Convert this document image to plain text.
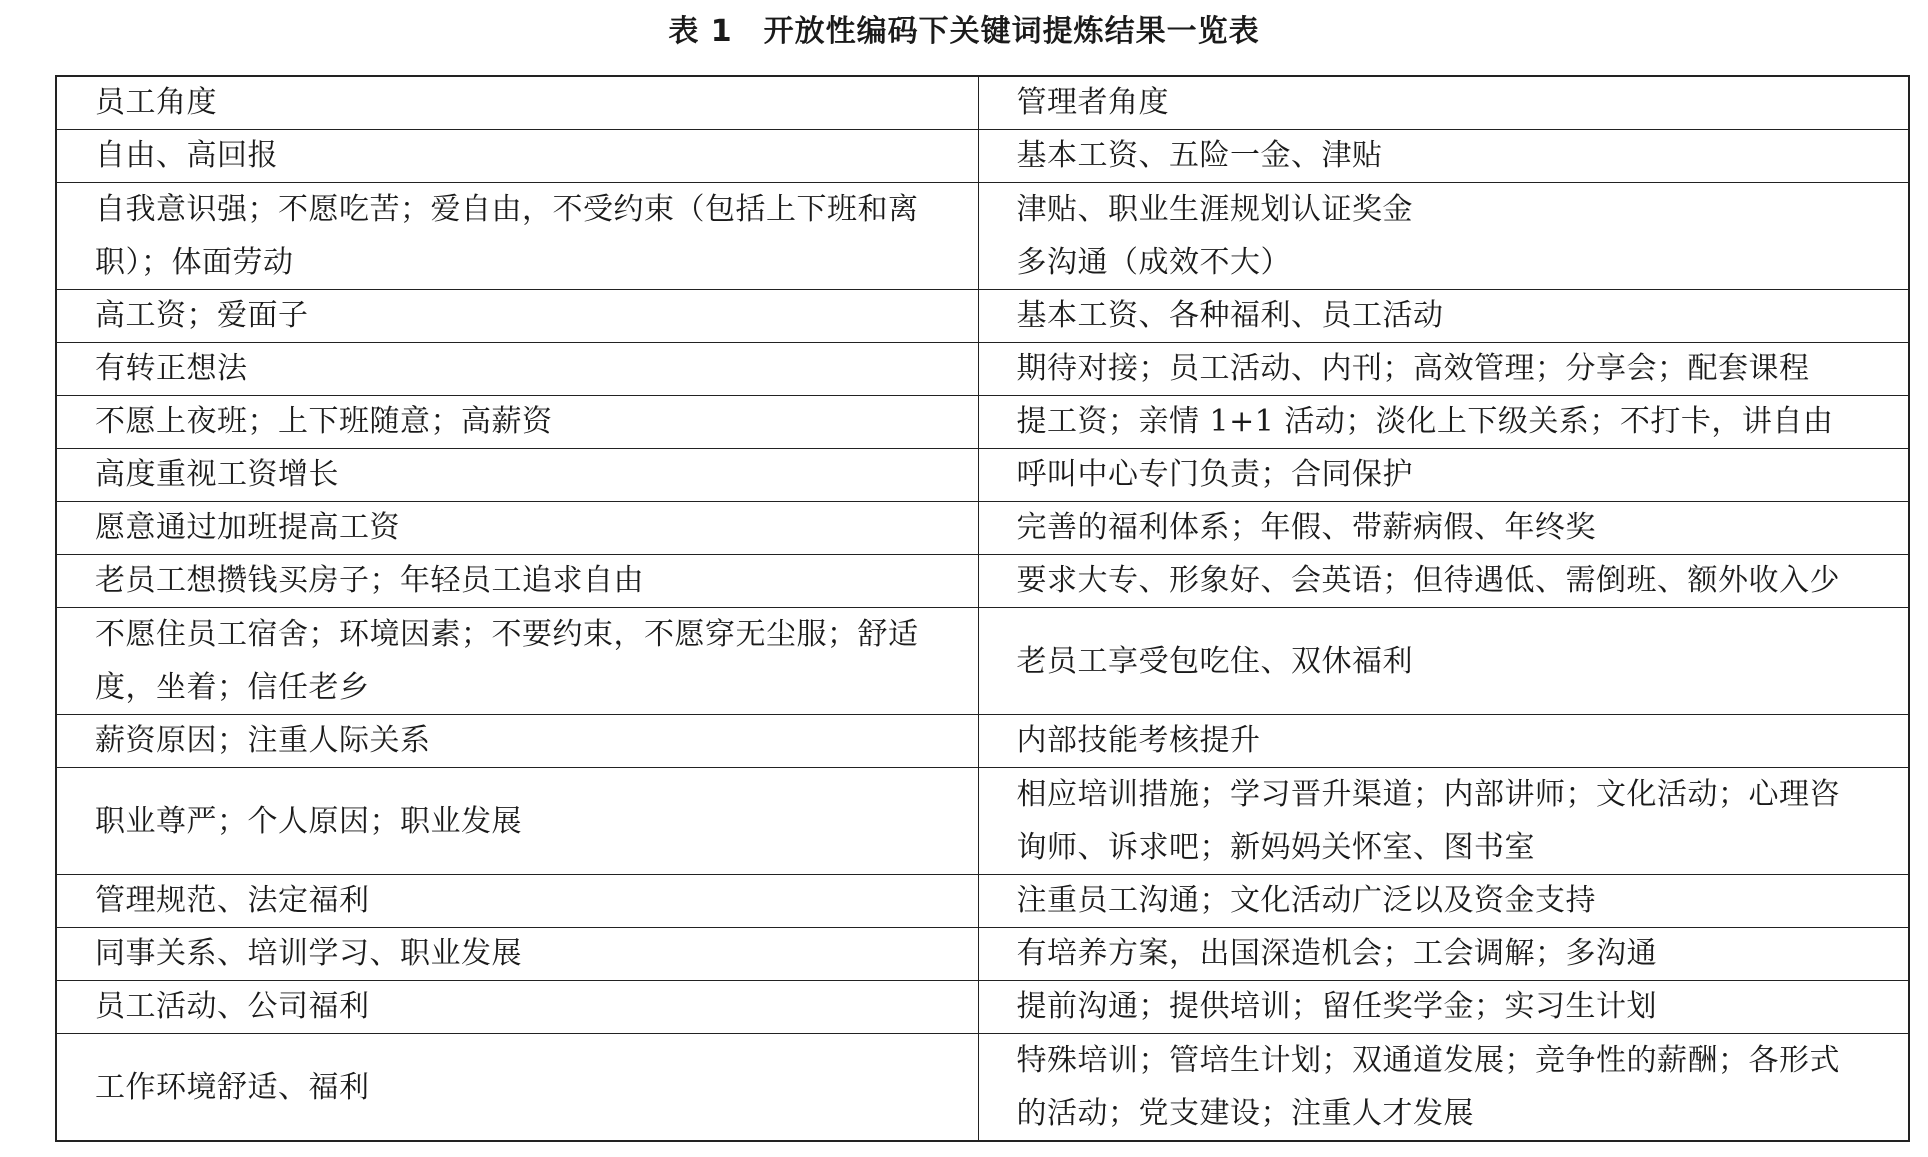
表 1　开放性编码下关键词提炼结果一览表
员工角度	管理者角度

自由、高回报	基本工资、五险一金、津贴

自我意识强；不愿吃苦；爱自由，不受约束（包括上下班和离
职）；体面劳动	津贴、职业生涯规划认证奖金
多沟通（成效不大）

高工资；爱面子	基本工资、各种福利、员工活动

有转正想法	期待对接；员工活动、内刊；高效管理；分享会；配套课程

不愿上夜班；上下班随意；高薪资	提工资；亲情 1+1 活动；淡化上下级关系；不打卡，讲自由

高度重视工资增长	呼叫中心专门负责；合同保护

愿意通过加班提高工资	完善的福利体系；年假、带薪病假、年终奖

老员工想攒钱买房子；年轻员工追求自由	要求大专、形象好、会英语；但待遇低、需倒班、额外收入少

不愿住员工宿舍；环境因素；不要约束，不愿穿无尘服；舒适
度，坐着；信任老乡	老员工享受包吃住、双休福利

薪资原因；注重人际关系	内部技能考核提升

职业尊严；个人原因；职业发展	相应培训措施；学习晋升渠道；内部讲师；文化活动；心理咨
询师、诉求吧；新妈妈关怀室、图书室

管理规范、法定福利	注重员工沟通；文化活动广泛以及资金支持

同事关系、培训学习、职业发展	有培养方案，出国深造机会；工会调解；多沟通

员工活动、公司福利	提前沟通；提供培训；留任奖学金；实习生计划

工作环境舒适、福利	特殊培训；管培生计划；双通道发展；竞争性的薪酬；各形式
的活动；党支建设；注重人才发展
